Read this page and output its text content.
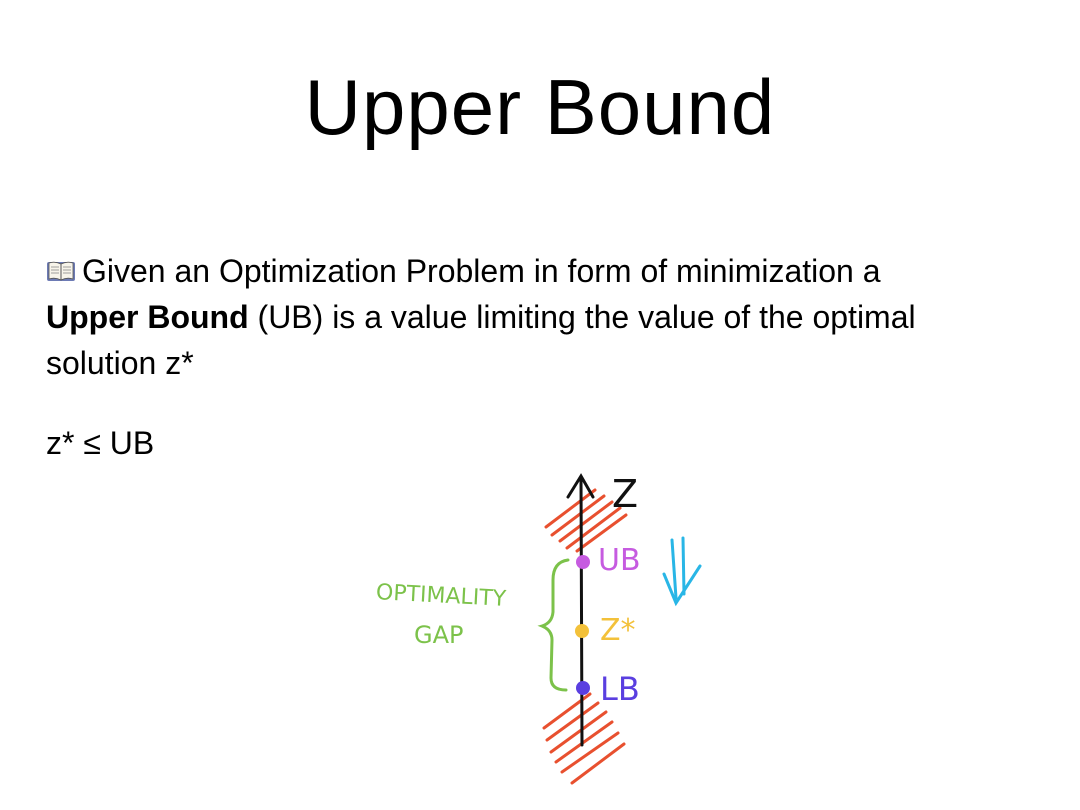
Upper Bound
Given an Optimization Problem in form of minimization a
Upper Bound (UB) is a value limiting the value of the optimal
solution z*
z* ≤ UB
Z
UB
Z*
LB
OPTIMALITY
GAP
